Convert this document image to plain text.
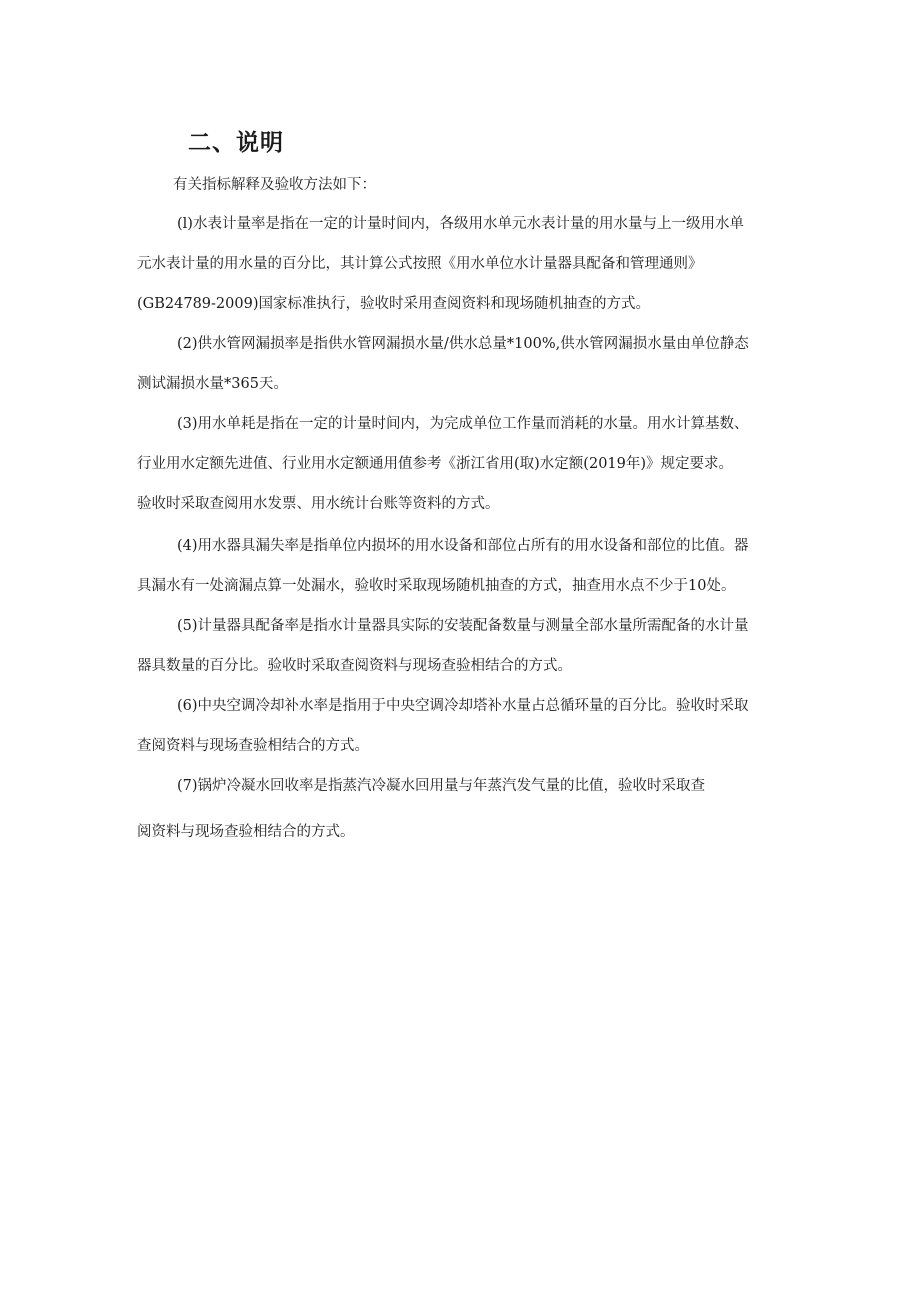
二、说明

有关指标解释及验收方法如下：

(l)水表计量率是指在一定的计量时间内，各级用水单元水表计量的用水量与上一级用水单
元水表计量的用水量的百分比，其计算公式按照《用水单位水计量器具配备和管理通则》
(GB24789-2009)国家标准执行，验收时采用查阅资料和现场随机抽查的方式。

(2)供水管网漏损率是指供水管网漏损水量/供水总量*100%,供水管网漏损水量由单位静态
测试漏损水量*365天。

(3)用水单耗是指在一定的计量时间内，为完成单位工作量而消耗的水量。用水计算基数、
行业用水定额先进值、行业用水定额通用值参考《浙江省用(取)水定额(2019年)》规定要求。
验收时采取查阅用水发票、用水统计台账等资料的方式。

(4)用水器具漏失率是指单位内损坏的用水设备和部位占所有的用水设备和部位的比值。器
具漏水有一处滴漏点算一处漏水，验收时采取现场随机抽查的方式，抽查用水点不少于10处。

(5)计量器具配备率是指水计量器具实际的安装配备数量与测量全部水量所需配备的水计量
器具数量的百分比。验收时采取查阅资料与现场查验相结合的方式。

(6)中央空调冷却补水率是指用于中央空调冷却塔补水量占总循环量的百分比。验收时采取
查阅资料与现场查验相结合的方式。

(7)锅炉冷凝水回收率是指蒸汽冷凝水回用量与年蒸汽发气量的比值，验收时采取查
阅资料与现场查验相结合的方式。
